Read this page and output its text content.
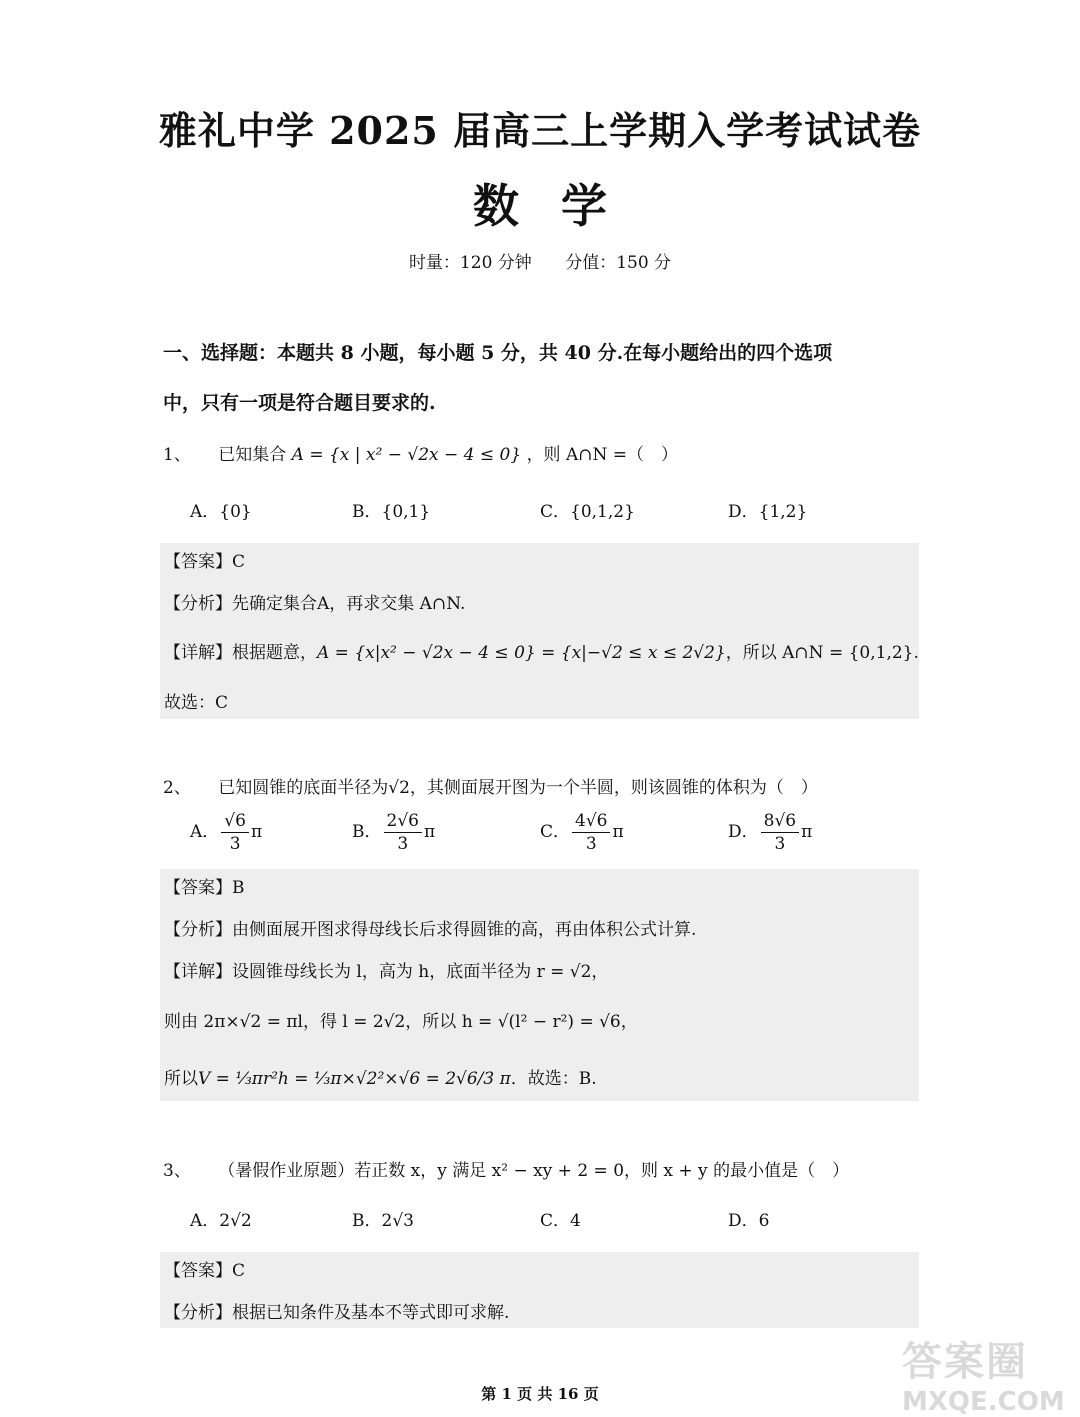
雅礼中学 2025 届高三上学期入学考试试卷
数学
时量：120 分钟 分值：150 分
一、选择题：本题共 8 小题，每小题 5 分，共 40 分.在每小题给出的四个选项
中，只有一项是符合题目要求的.
1、 已知集合 A = {x | x² − √2x − 4 ≤ 0} ，则 A∩N =（　）
A．{0}	B．{0,1}	C．{0,1,2}	D．{1,2}
【答案】C
【分析】先确定集合A，再求交集 A∩N.
【详解】根据题意，A = {x|x² − √2x − 4 ≤ 0} = {x|−√2 ≤ x ≤ 2√2}，所以 A∩N = {0,1,2}.
故选：C
2、 已知圆锥的底面半径为√2，其侧面展开图为一个半圆，则该圆锥的体积为（　）
A． $\frac{√6}{3}$ π	B． $\frac{2√6}{3}$ π	C． $\frac{4√6}{3}$ π	D． $\frac{8√6}{3}$ π
【答案】B
【分析】由侧面展开图求得母线长后求得圆锥的高，再由体积公式计算.
【详解】设圆锥母线长为 l，高为 h，底面半径为 r = √2，
则由 2π×√2 = πl，得 l = 2√2，所以 h = √(l² − r²) = √6，
所以V = ⅓πr²h = ⅓π×√2²×√6 = 2√6/3 π．故选：B.
3、 （暑假作业原题）若正数 x，y 满足 x² − xy + 2 = 0，则 x + y 的最小值是（　）
A．2√2	B．2√3	C．4	D．6
【答案】C
【分析】根据已知条件及基本不等式即可求解.
第 1 页 共 16 页
答案圈
MXQE.COM
